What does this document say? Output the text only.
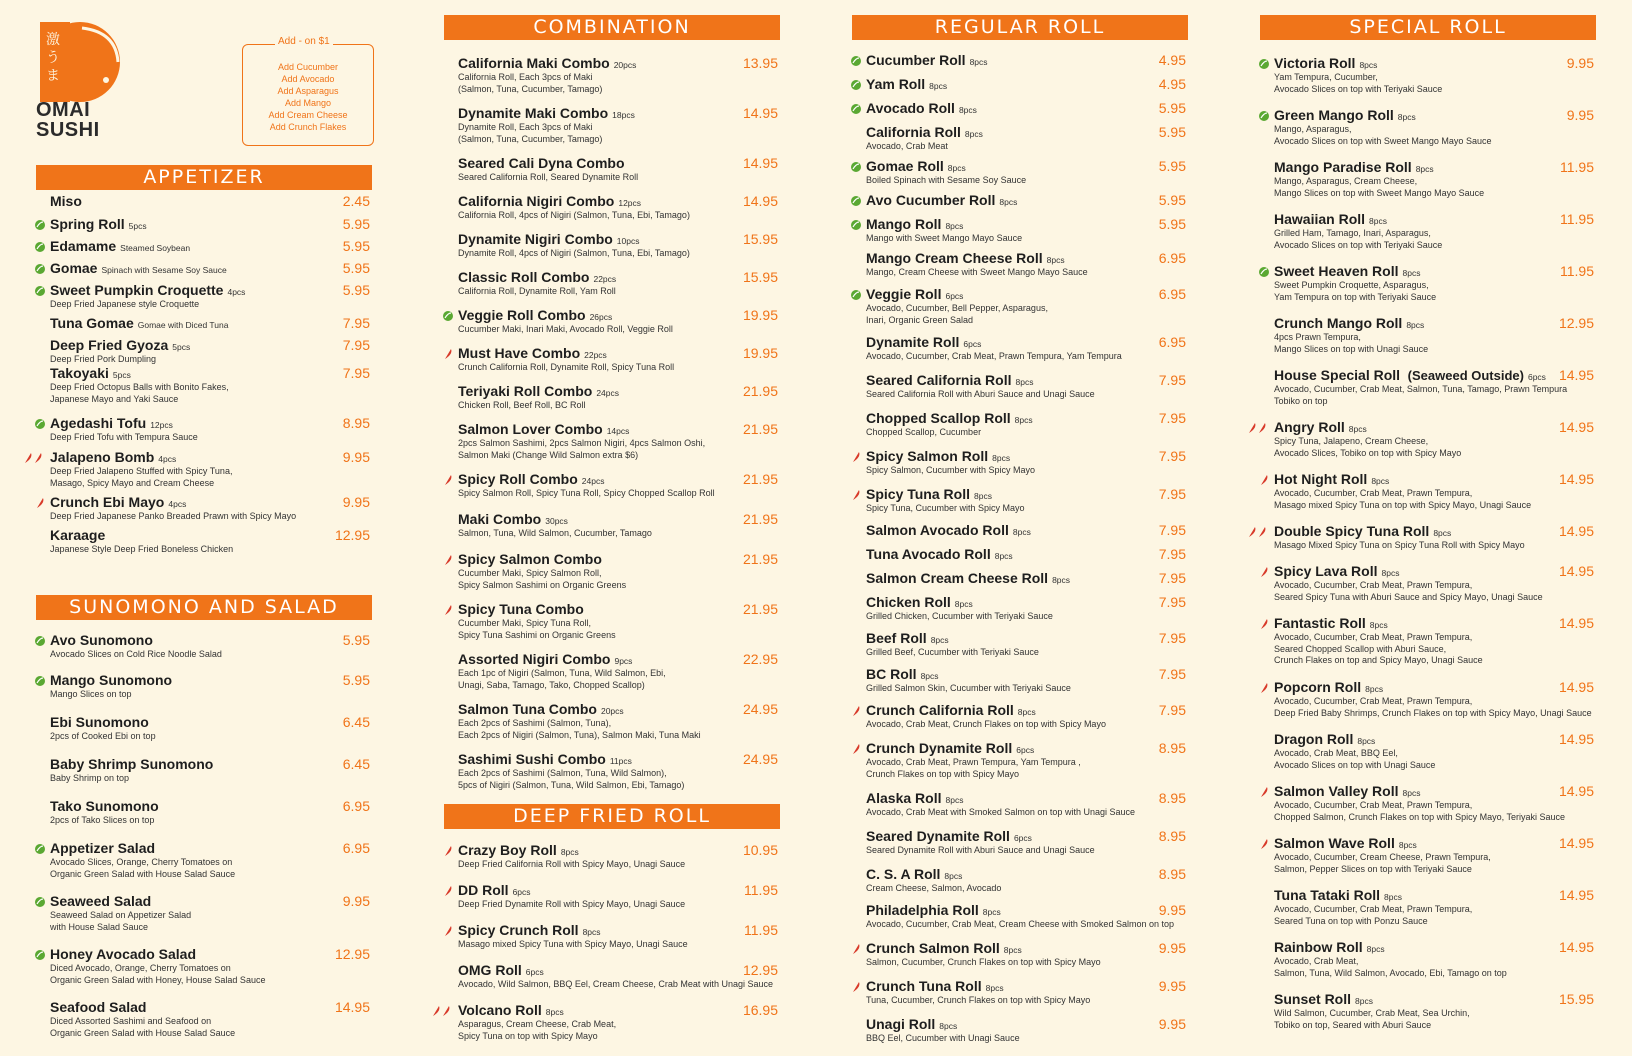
激うま
OMAI
SUSHI
Add - on $1
Add Cucumber
Add Avocado
Add Asparagus
Add Mango
Add Cream Cheese
Add Crunch Flakes
APPETIZER
SUNOMONO AND SALAD
COMBINATION
DEEP FRIED ROLL
REGULAR ROLL	SPECIAL ROLL
Miso	2.45
Spring Roll 5pcs	5.95
Edamame Steamed Soybean	5.95
Gomae Spinach with Sesame Soy Sauce	5.95
Sweet Pumpkin Croquette 4pcs	5.95
Deep Fried Japanese style Croquette
Tuna Gomae Gomae with Diced Tuna	7.95
Deep Fried Gyoza 5pcs	7.95
Deep Fried Pork Dumpling
Takoyaki 5pcs	7.95
Deep Fried Octopus Balls with Bonito Fakes,
Japanese Mayo and Yaki Sauce
Agedashi Tofu 12pcs	8.95
Deep Fried Tofu with Tempura Sauce
Jalapeno Bomb 4pcs	9.95
Deep Fried Jalapeno Stuffed with Spicy Tuna,
Masago, Spicy Mayo and Cream Cheese
Crunch Ebi Mayo 4pcs	9.95
Deep Fried Japanese Panko Breaded Prawn with Spicy Mayo
Karaage	12.95
Japanese Style Deep Fried Boneless Chicken
Avo Sunomono	5.95
Avocado Slices on Cold Rice Noodle Salad
Mango Sunomono	5.95
Mango Slices on top
Ebi Sunomono	6.45
2pcs of Cooked Ebi on top
Baby Shrimp Sunomono	6.45
Baby Shrimp on top
Tako Sunomono	6.95
2pcs of Tako Slices on top
Appetizer Salad	6.95
Avocado Slices, Orange, Cherry Tomatoes on
Organic Green Salad with House Salad Sauce
Seaweed Salad	9.95
Seaweed Salad on Appetizer Salad
with House Salad Sauce
Honey Avocado Salad	12.95
Diced Avocado, Orange, Cherry Tomatoes on
Organic Green Salad with Honey, House Salad Sauce
Seafood Salad	14.95
Diced Assorted Sashimi and Seafood on
Organic Green Salad with House Salad Sauce
California Maki Combo 20pcs	13.95
California Roll, Each 3pcs of Maki
(Salmon, Tuna, Cucumber, Tamago)
Dynamite Maki Combo 18pcs	14.95
Dynamite Roll, Each 3pcs of Maki
(Salmon, Tuna, Cucumber, Tamago)
Seared Cali Dyna Combo	14.95
Seared California Roll, Seared Dynamite Roll
California Nigiri Combo 12pcs	14.95
California Roll, 4pcs of Nigiri (Salmon, Tuna, Ebi, Tamago)
Dynamite Nigiri Combo 10pcs	15.95
Dynamite Roll, 4pcs of Nigiri (Salmon, Tuna, Ebi, Tamago)
Classic Roll Combo 22pcs	15.95
California Roll, Dynamite Roll, Yam Roll
Veggie Roll Combo 26pcs	19.95
Cucumber Maki, Inari Maki, Avocado Roll, Veggie Roll
Must Have Combo 22pcs	19.95
Crunch California Roll, Dynamite Roll, Spicy Tuna Roll
Teriyaki Roll Combo 24pcs	21.95
Chicken Roll, Beef Roll, BC Roll
Salmon Lover Combo 14pcs	21.95
2pcs Salmon Sashimi, 2pcs Salmon Nigiri, 4pcs Salmon Oshi,
Salmon Maki (Change Wild Salmon extra $6)
Spicy Roll Combo 24pcs	21.95
Spicy Salmon Roll, Spicy Tuna Roll, Spicy Chopped Scallop Roll
Maki Combo 30pcs	21.95
Salmon, Tuna, Wild Salmon, Cucumber, Tamago
Spicy Salmon Combo	21.95
Cucumber Maki, Spicy Salmon Roll,
Spicy Salmon Sashimi on Organic Greens
Spicy Tuna Combo	21.95
Cucumber Maki, Spicy Tuna Roll,
Spicy Tuna Sashimi on Organic Greens
Assorted Nigiri Combo 9pcs	22.95
Each 1pc of Nigiri (Salmon, Tuna, Wild Salmon, Ebi,
Unagi, Saba, Tamago, Tako, Chopped Scallop)
Salmon Tuna Combo 20pcs	24.95
Each 2pcs of Sashimi (Salmon, Tuna),
Each 2pcs of Nigiri (Salmon, Tuna), Salmon Maki, Tuna Maki
Sashimi Sushi Combo 11pcs	24.95
Each 2pcs of Sashimi (Salmon, Tuna, Wild Salmon),
5pcs of Nigiri (Salmon, Tuna, Wild Salmon, Ebi, Tamago)
Crazy Boy Roll 8pcs	10.95
Deep Fried California Roll with Spicy Mayo, Unagi Sauce
DD Roll 6pcs	11.95
Deep Fried Dynamite Roll with Spicy Mayo, Unagi Sauce
Spicy Crunch Roll 8pcs	11.95
Masago mixed Spicy Tuna with Spicy Mayo, Unagi Sauce
OMG Roll 6pcs	12.95
Avocado, Wild Salmon, BBQ Eel, Cream Cheese, Crab Meat with Unagi Sauce
Volcano Roll 8pcs	16.95
Asparagus, Cream Cheese, Crab Meat,
Spicy Tuna on top with Spicy Mayo
Cucumber Roll 8pcs	4.95
Yam Roll 8pcs	4.95
Avocado Roll 8pcs	5.95
California Roll 8pcs	5.95
Avocado, Crab Meat
Gomae Roll 8pcs	5.95
Boiled Spinach with Sesame Soy Sauce
Avo Cucumber Roll 8pcs	5.95
Mango Roll 8pcs	5.95
Mango with Sweet Mango Mayo Sauce
Mango Cream Cheese Roll 8pcs	6.95
Mango, Cream Cheese with Sweet Mango Mayo Sauce
Veggie Roll 6pcs	6.95
Avocado, Cucumber, Bell Pepper, Asparagus,
Inari, Organic Green Salad
Dynamite Roll 6pcs	6.95
Avocado, Cucumber, Crab Meat, Prawn Tempura, Yam Tempura
Seared California Roll 8pcs	7.95
Seared California Roll with Aburi Sauce and Unagi Sauce
Chopped Scallop Roll 8pcs	7.95
Chopped Scallop, Cucumber
Spicy Salmon Roll 8pcs	7.95
Spicy Salmon, Cucumber with Spicy Mayo
Spicy Tuna Roll 8pcs	7.95
Spicy Tuna, Cucumber with Spicy Mayo
Salmon Avocado Roll 8pcs	7.95
Tuna Avocado Roll 8pcs	7.95
Salmon Cream Cheese Roll 8pcs	7.95
Chicken Roll 8pcs	7.95
Grilled Chicken, Cucumber with Teriyaki Sauce
Beef Roll 8pcs	7.95
Grilled Beef, Cucumber with Teriyaki Sauce
BC Roll 8pcs	7.95
Grilled Salmon Skin, Cucumber with Teriyaki Sauce
Crunch California Roll 8pcs	7.95
Avocado, Crab Meat, Crunch Flakes on top with Spicy Mayo
Crunch Dynamite Roll 6pcs	8.95
Avocado, Crab Meat, Prawn Tempura, Yam Tempura ,
Crunch Flakes on top with Spicy Mayo
Alaska Roll 8pcs	8.95
Avocado, Crab Meat with Smoked Salmon on top with Unagi Sauce
Seared Dynamite Roll 6pcs	8.95
Seared Dynamite Roll with Aburi Sauce and Unagi Sauce
C. S. A Roll 8pcs	8.95
Cream Cheese, Salmon, Avocado
Philadelphia Roll 8pcs	9.95
Avocado, Cucumber, Crab Meat, Cream Cheese with Smoked Salmon on top
Crunch Salmon Roll 8pcs	9.95
Salmon, Cucumber, Crunch Flakes on top with Spicy Mayo
Crunch Tuna Roll 8pcs	9.95
Tuna, Cucumber, Crunch Flakes on top with Spicy Mayo
Unagi Roll 8pcs	9.95
BBQ Eel, Cucumber with Unagi Sauce
Victoria Roll 8pcs	9.95
Yam Tempura, Cucumber,
Avocado Slices on top with Teriyaki Sauce
Green Mango Roll 8pcs	9.95
Mango, Asparagus,
Avocado Slices on top with Sweet Mango Mayo Sauce
Mango Paradise Roll 8pcs	11.95
Mango, Asparagus, Cream Cheese,
Mango Slices on top with Sweet Mango Mayo Sauce
Hawaiian Roll 8pcs	11.95
Grilled Ham, Tamago, Inari, Asparagus,
Avocado Slices on top with Teriyaki Sauce
Sweet Heaven Roll 8pcs	11.95
Sweet Pumpkin Croquette, Asparagus,
Yam Tempura on top with Teriyaki Sauce
Crunch Mango Roll 8pcs	12.95
4pcs Prawn Tempura,
Mango Slices on top with Unagi Sauce
House Special Roll (Seaweed Outside) 6pcs 14.95
Avocado, Cucumber, Crab Meat, Salmon, Tuna, Tamago, Prawn Tempura
Tobiko on top
Angry Roll 8pcs	14.95
Spicy Tuna, Jalapeno, Cream Cheese,
Avocado Slices, Tobiko on top with Spicy Mayo
Hot Night Roll 8pcs	14.95
Avocado, Cucumber, Crab Meat, Prawn Tempura,
Masago mixed Spicy Tuna on top with Spicy Mayo, Unagi Sauce
Double Spicy Tuna Roll 8pcs	14.95
Masago Mixed Spicy Tuna on Spicy Tuna Roll with Spicy Mayo
Spicy Lava Roll 8pcs	14.95
Avocado, Cucumber, Crab Meat, Prawn Tempura,
Seared Spicy Tuna with Aburi Sauce and Spicy Mayo, Unagi Sauce
Fantastic Roll 8pcs	14.95
Avocado, Cucumber, Crab Meat, Prawn Tempura,
Seared Chopped Scallop with Aburi Sauce,
Crunch Flakes on top and Spicy Mayo, Unagi Sauce
Popcorn Roll 8pcs	14.95
Avocado, Cucumber, Crab Meat, Prawn Tempura,
Deep Fried Baby Shrimps, Crunch Flakes on top with Spicy Mayo, Unagi Sauce
Dragon Roll 8pcs	14.95
Avocado, Crab Meat, BBQ Eel,
Avocado Slices on top with Unagi Sauce
Salmon Valley Roll 8pcs	14.95
Avocado, Cucumber, Crab Meat, Prawn Tempura,
Chopped Salmon, Crunch Flakes on top with Spicy Mayo, Teriyaki Sauce
Salmon Wave Roll 8pcs	14.95
Avocado, Cucumber, Cream Cheese, Prawn Tempura,
Salmon, Pepper Slices on top with Teriyaki Sauce
Tuna Tataki Roll 8pcs	14.95
Avocado, Cucumber, Crab Meat, Prawn Tempura,
Seared Tuna on top with Ponzu Sauce
Rainbow Roll 8pcs	14.95
Avocado, Crab Meat,
Salmon, Tuna, Wild Salmon, Avocado, Ebi, Tamago on top
Sunset Roll 8pcs	15.95
Wild Salmon, Cucumber, Crab Meat, Sea Urchin,
Tobiko on top, Seared with Aburi Sauce
